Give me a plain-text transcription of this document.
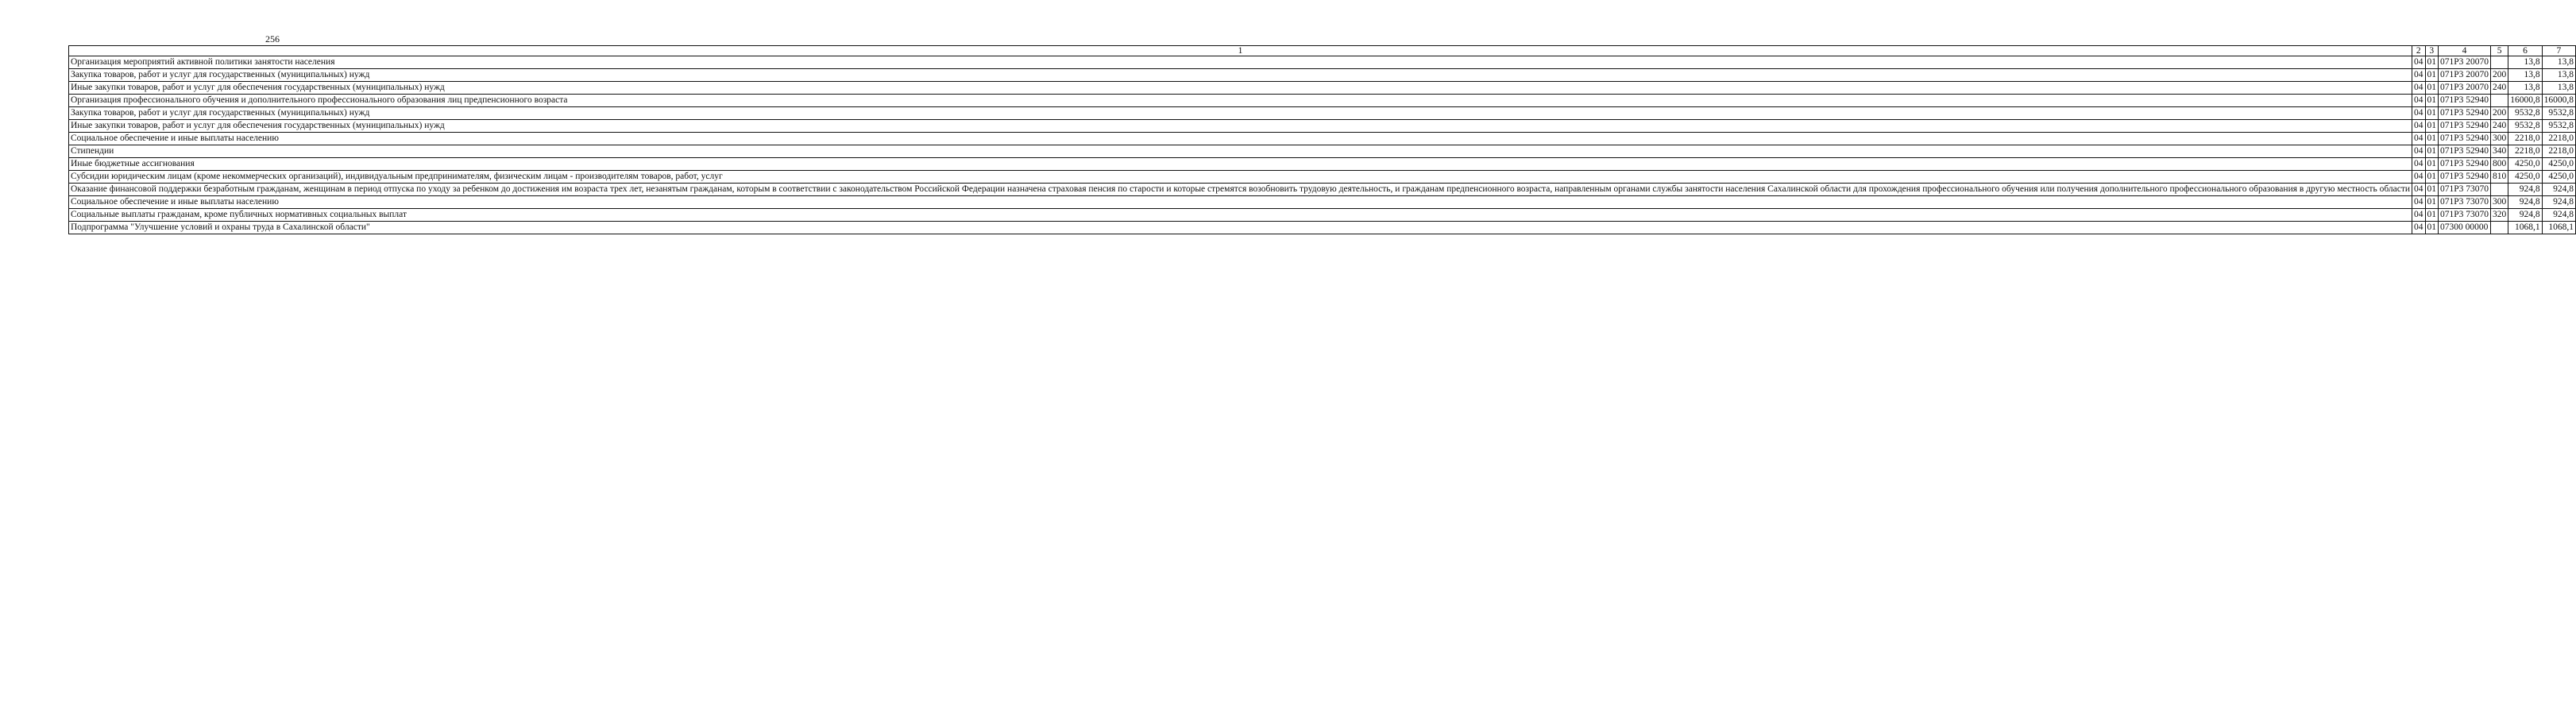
256
1	2	3	4	5	6	7
Организация мероприятий активной политики занятости населения	04	01	071Р3 20070		13,8	13,8
Закупка товаров, работ и услуг для государственных (муниципальных) нужд	04	01	071Р3 20070	200	13,8	13,8
Иные закупки товаров, работ и услуг для обеспечения государственных (муниципальных) нужд	04	01	071Р3 20070	240	13,8	13,8
Организация профессионального обучения и дополнительного профессионального образования лиц предпенсионного возраста	04	01	071Р3 52940		16000,8	16000,8
Закупка товаров, работ и услуг для государственных (муниципальных) нужд	04	01	071Р3 52940	200	9532,8	9532,8
Иные закупки товаров, работ и услуг для обеспечения государственных (муниципальных) нужд	04	01	071Р3 52940	240	9532,8	9532,8
Социальное обеспечение и иные выплаты населению	04	01	071Р3 52940	300	2218,0	2218,0
Стипендии	04	01	071Р3 52940	340	2218,0	2218,0
Иные бюджетные ассигнования	04	01	071Р3 52940	800	4250,0	4250,0
Субсидии юридическим лицам (кроме некоммерческих организаций), индивидуальным предпринимателям, физическим лицам - производителям товаров, работ, услуг	04	01	071Р3 52940	810	4250,0	4250,0
Оказание финансовой поддержки безработным гражданам, женщинам в период отпуска по уходу за ребенком до достижения им возраста трех лет, незанятым гражданам, которым в соответствии с законодательством Российской Федерации назначена страховая пенсия по старости и которые стремятся возобновить трудовую деятельность, и гражданам предпенсионного возраста, направленным органами службы занятости населения Сахалинской области для прохождения профессионального обучения или получения дополнительного профессионального образования в другую местность области	04	01	071Р3 73070		924,8	924,8
Социальное обеспечение и иные выплаты населению	04	01	071Р3 73070	300	924,8	924,8
Социальные выплаты гражданам, кроме публичных нормативных социальных выплат	04	01	071Р3 73070	320	924,8	924,8
Подпрограмма "Улучшение условий и охраны труда в Сахалинской области"	04	01	07300 00000		1068,1	1068,1
